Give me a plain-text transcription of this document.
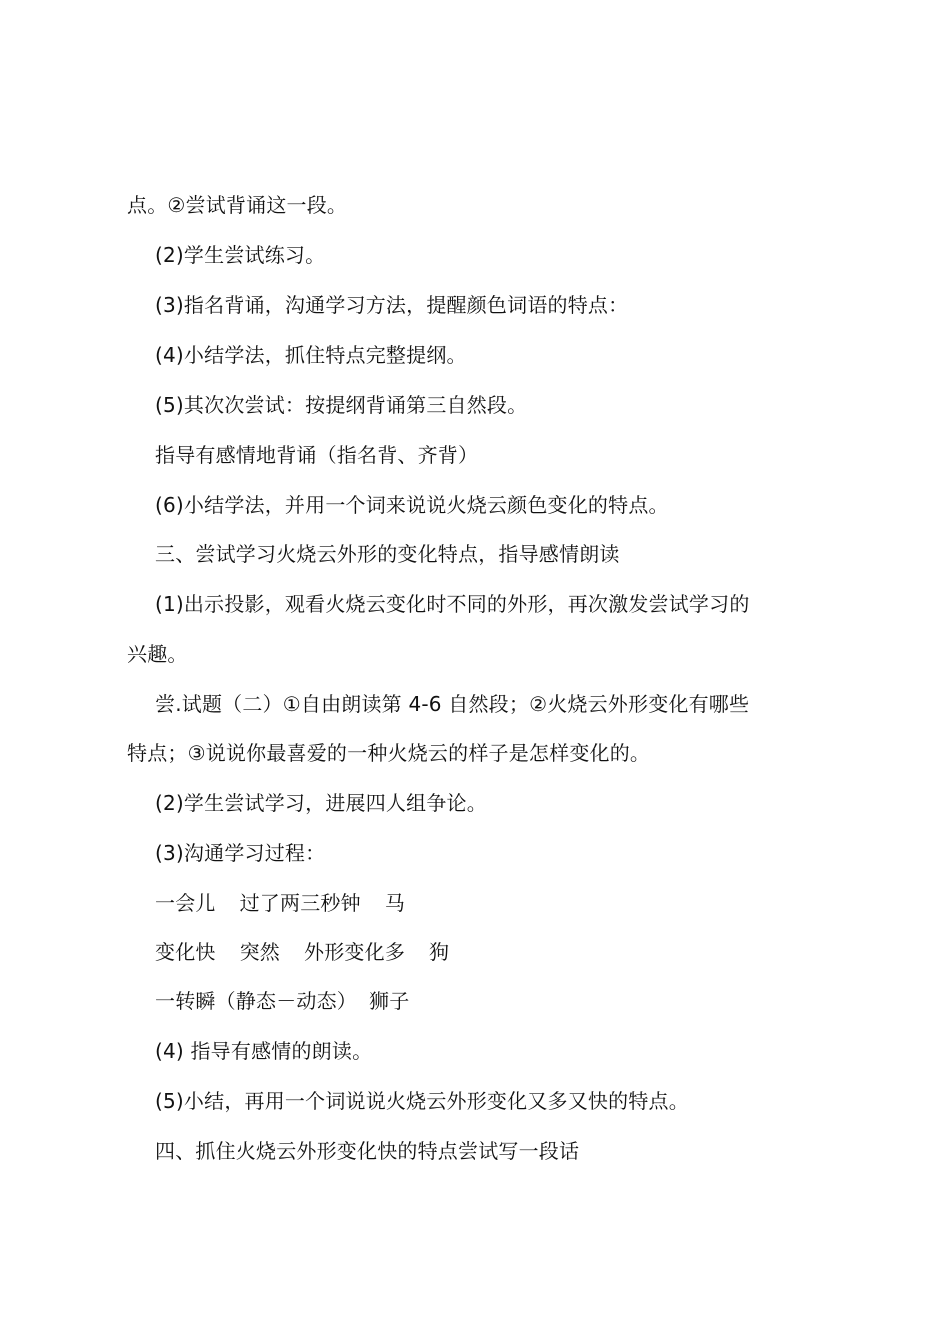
点。②尝试背诵这一段。
(2)学生尝试练习。
(3)指名背诵，沟通学习方法，提醒颜色词语的特点：
(4)小结学法，抓住特点完整提纲。
(5)其次次尝试：按提纲背诵第三自然段。
指导有感情地背诵（指名背、齐背）
(6)小结学法，并用一个词来说说火烧云颜色变化的特点。
三、尝试学习火烧云外形的变化特点，指导感情朗读
(1)出示投影，观看火烧云变化时不同的外形，再次激发尝试学习的
兴趣。
尝.试题（二）①自由朗读第 4-6 自然段；②火烧云外形变化有哪些
特点；③说说你最喜爱的一种火烧云的样子是怎样变化的。
(2)学生尝试学习，进展四人组争论。
(3)沟通学习过程：
一会儿 过了两三秒钟 马
变化快 突然 外形变化多 狗
一转瞬（静态－动态） 狮子
(4) 指导有感情的朗读。
(5)小结，再用一个词说说火烧云外形变化又多又快的特点。
四、抓住火烧云外形变化快的特点尝试写一段话
